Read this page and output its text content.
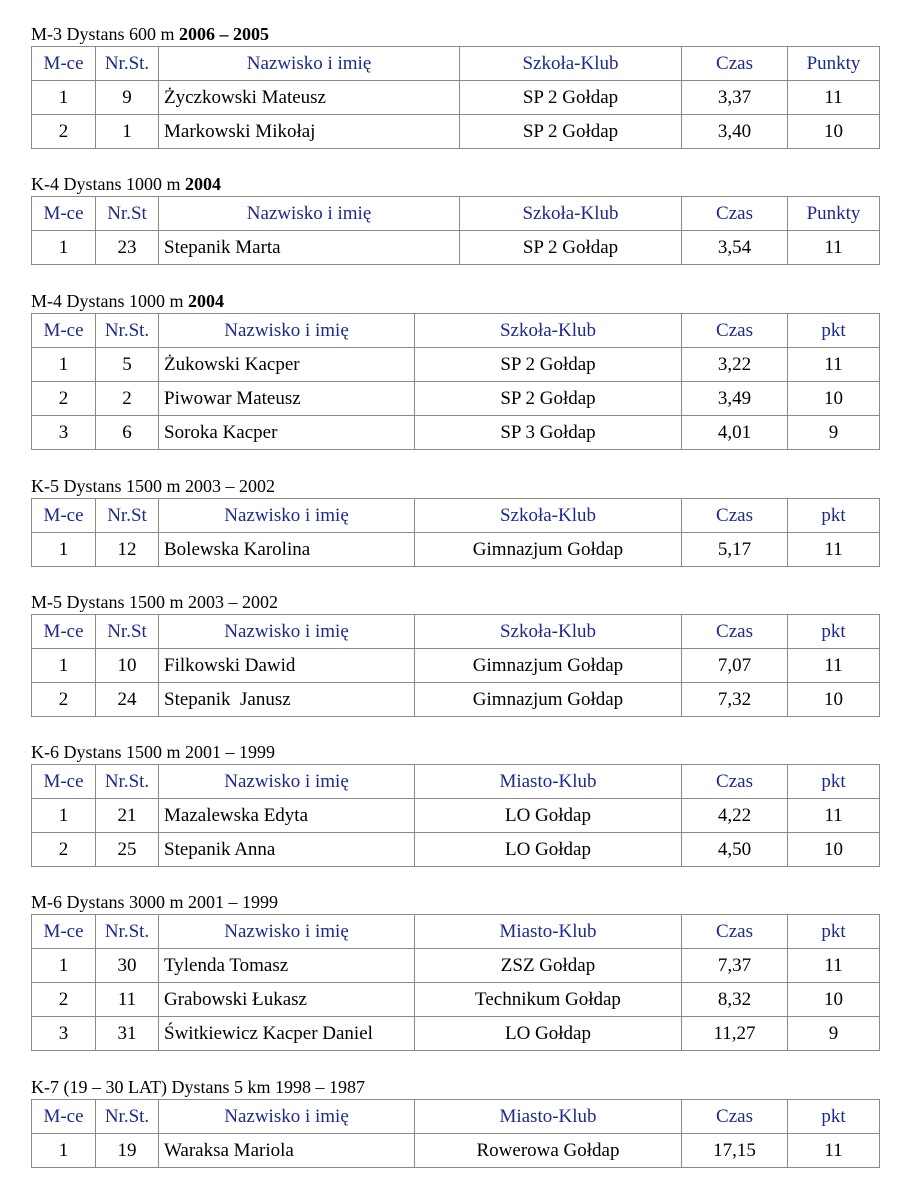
M-3 Dystans 600 m 2006 – 2005
M-ce	Nr.St.	Nazwisko i imię	Szkoła-Klub	Czas	Punkty
1	9	Życzkowski Mateusz	SP 2 Gołdap	3,37	11
2	1	Markowski Mikołaj	SP 2 Gołdap	3,40	10
K-4 Dystans 1000 m 2004
M-ce	Nr.St	Nazwisko i imię	Szkoła-Klub	Czas	Punkty
1	23	Stepanik Marta	SP 2 Gołdap	3,54	11
M-4 Dystans 1000 m 2004
M-ce	Nr.St.	Nazwisko i imię	Szkoła-Klub	Czas	pkt
1	5	Żukowski Kacper	SP 2 Gołdap	3,22	11
2	2	Piwowar Mateusz	SP 2 Gołdap	3,49	10
3	6	Soroka Kacper	SP 3 Gołdap	4,01	9
K-5 Dystans 1500 m 2003 – 2002
M-ce	Nr.St	Nazwisko i imię	Szkoła-Klub	Czas	pkt
1	12	Bolewska Karolina	Gimnazjum Gołdap	5,17	11
M-5 Dystans 1500 m 2003 – 2002
M-ce	Nr.St	Nazwisko i imię	Szkoła-Klub	Czas	pkt
1	10	Filkowski Dawid	Gimnazjum Gołdap	7,07	11
2	24	Stepanik  Janusz	Gimnazjum Gołdap	7,32	10
K-6 Dystans 1500 m 2001 – 1999
M-ce	Nr.St.	Nazwisko i imię	Miasto-Klub	Czas	pkt
1	21	Mazalewska Edyta	LO Gołdap	4,22	11
2	25	Stepanik Anna	LO Gołdap	4,50	10
M-6 Dystans 3000 m 2001 – 1999
M-ce	Nr.St.	Nazwisko i imię	Miasto-Klub	Czas	pkt
1	30	Tylenda Tomasz	ZSZ Gołdap	7,37	11
2	11	Grabowski Łukasz	Technikum Gołdap	8,32	10
3	31	Świtkiewicz Kacper Daniel	LO Gołdap	11,27	9
K-7 (19 – 30 LAT) Dystans 5 km 1998 – 1987
M-ce	Nr.St.	Nazwisko i imię	Miasto-Klub	Czas	pkt
1	19	Waraksa Mariola	Rowerowa Gołdap	17,15	11
